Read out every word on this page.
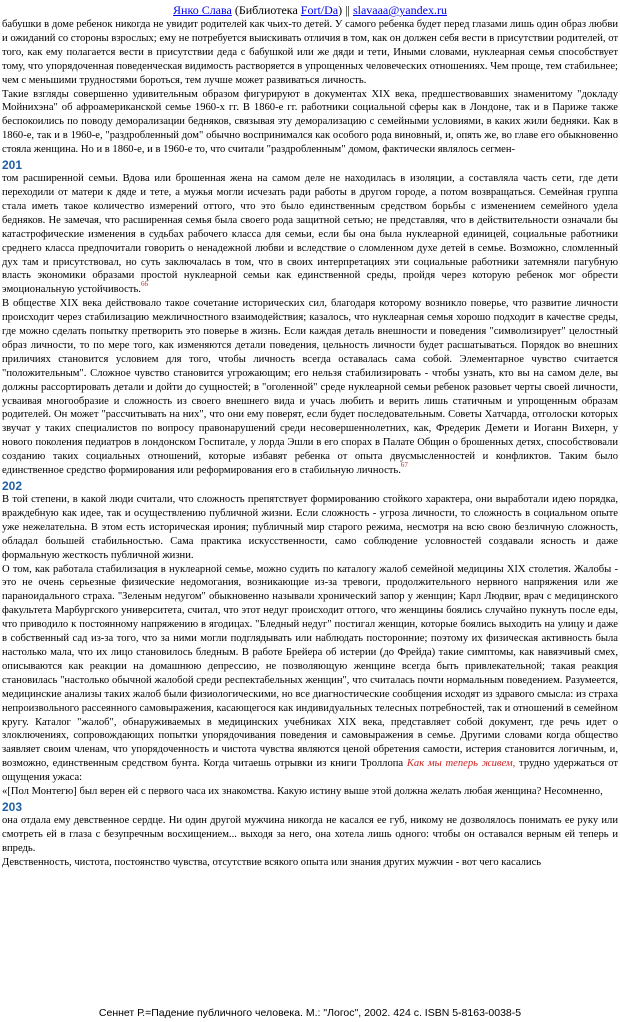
Янко Слава (Библиотека Fort/Da) || slavaaa@yandex.ru

бабушки в доме ребенок никогда не увидит родителей как чьих-то детей. У самого ребенка будет перед глазами лишь один образ любви и ожиданий со стороны взрослых; ему не потребуется выискивать отличия в том, как он должен себя вести в присутствии родителей, от того, как ему полагается вести в присутствии деда с бабушкой или же дяди и тети, Иными словами, нуклеарная семья способствует тому, что упорядоченная поведенческая видимость растворяется в упрощенных человеческих отношениях. Чем проще, тем стабильнее; чем с меньшими трудностями бороться, тем лучше может развиваться личность.

Такие взгляды совершенно удивительным образом фигурируют в документах XIX века, предшествовавших знаменитому "докладу Мойнихэна" об афроамериканской семье 1960-х гг. В 1860-е гг. работники социальной сферы как в Лондоне, так и в Париже также беспокоились по поводу деморализации бедняков, связывая эту деморализацию с семейными условиями, в каких жили бедняки. Как в 1860-е, так и в 1960-е, "раздробленный дом" обычно воспринимался как особого рода виновный, и, опять же, во главе его обыкновенно стояла женщина. Но и в 1860-е, и в 1960-е то, что считали "раздробленным" домом, фактически являлось сегмен-

201

том расширенной семьи. Вдова или брошенная жена на самом деле не находилась в изоляции, а составляла часть сети, где дети переходили от матери к дяде и тете, а мужья могли исчезать ради работы в другом городе, а потом возвращаться. Семейная группа стала иметь такое количество измерений оттого, что это было единственным средством борьбы с изменением семейного удела бедняков. Не замечая, что расширенная семья была своего рода защитной сетью; не представляя, что в действительности означали бы катастрофические изменения в судьбах рабочего класса для семьи, если бы она была нуклеарной единицей, социальные работники среднего класса предпочитали говорить о ненадежной любви и вследствие о сломленном духе детей в семье. Возможно, сломленный дух там и присутствовал, но суть заключалась в том, что в своих интерпретациях эти социальные работники затемняли пагубную власть экономики образами простой нуклеарной семьи как единственной среды, пройдя через которую ребенок мог обрести эмоциональную устойчивость.$^{66}$

В обществе XIX века действовало такое сочетание исторических сил, благодаря которому возникло поверье, что развитие личности происходит через стабилизацию межличностного взаимодействия; казалось, что нуклеарная семья хорошо подходит в качестве среды, где можно сделать попытку претворить это поверье в жизнь. Если каждая деталь внешности и поведения "символизирует" целостный образ личности, то по мере того, как изменяются детали поведения, цельность личности будет расшатываться. Порядок во внешних приличиях становится условием для того, чтобы личность всегда оставалась сама собой. Элементарное чувство считается "положительным". Сложное чувство становится угрожающим; его нельзя стабилизировать - чтобы узнать, кто вы на самом деле, вы должны рассортировать детали и дойти до сущностей; в "оголенной" среде нуклеарной семьи ребенок разовьет черты своей личности, усваивая многообразие и сложность из своего внешнего вида и учась любить и верить лишь статичным и упрощенным образам родителей. Он может "рассчитывать на них", что они ему поверят, если будет последовательным. Советы Хатчарда, отголоски которых звучат у таких специалистов по вопросу правонарушений среди несовершеннолетних, как, Фредерик Демети и Иоганн Вихерн, у нового поколения педиатров в лондонском Госпитале, у лорда Эшли в его спорах в Палате Общин о брошенных детях, способствовали созданию таких социальных отношений, которые избавят ребенка от опыта двусмысленностей и конфликтов. Таким было единственное средство формирования или реформирования его в стабильную личность.$^{67}$

202

В той степени, в какой люди считали, что сложность препятствует формированию стойкого характера, они выработали идею порядка, враждебную как идее, так и осуществлению публичной жизни. Если сложность - угроза личности, то сложность в социальном опыте уже нежелательна. В этом есть историческая ирония; публичный мир старого режима, несмотря на всю свою безличную сложность, обладал большей стабильностью. Сама практика искусственности, само соблюдение условностей создавали ясность и даже формальную жесткость публичной жизни.

О том, как работала стабилизация в нуклеарной семье, можно судить по каталогу жалоб семейной медицины XIX столетия. Жалобы - это не очень серьезные физические недомогания, возникающие из-за тревоги, продолжительного нервного напряжения или же параноидального страха. "Зеленым недугом" обыкновенно называли хронический запор у женщин; Карл Людвиг, врач с медицинского факультета Марбургского университета, считал, что этот недуг происходит оттого, что женщины боялись случайно пукнуть после еды, что приводило к постоянному напряжению в ягодицах. "Бледный недуг" постигал женщин, которые боялись выходить на улицу и даже в собственный сад из-за того, что за ними могли подглядывать или наблюдать посторонние; поэтому их физическая активность была настолько мала, что их лицо становилось бледным. В работе Брейера об истерии (до Фрейда) такие симптомы, как навязчивый смех, описываются как реакции на домашнюю депрессию, не позволяющую женщине всегда быть привлекательной; такая реакция становилась "настолько обычной жалобой среди респектабельных женщин", что считалась почти нормальным поведением. Разумеется, медицинские анализы таких жалоб были физиологическими, но все диагностические сообщения исходят из здравого смысла: из страха непроизвольного рассеянного самовыражения, касающегося как индивидуальных телесных потребностей, так и отношений в семейном кругу. Каталог "жалоб", обнаруживаемых в медицинских учебниках XIX века, представляет собой документ, где речь идет о злоключениях, сопровождающих попытки упорядочивания поведения и самовыражения в семье. Другими словами когда общество заявляет своим членам, что упорядоченность и чистота чувства являются ценой обретения самости, истерия становится логичным, и, возможно, единственным средством бунта. Когда читаешь отрывки из книги Троллопа Как мы теперь живем, трудно удержаться от ощущения ужаса:

«[Пол Монтегю] был верен ей с первого часа их знакомства. Какую истину выше этой должна желать любая женщина? Несомненно,

203

она отдала ему девственное сердце. Ни один другой мужчина никогда не касался ее губ, никому не дозволялось понимать ее руку или смотреть ей в глаза с безупречным восхищением... выходя за него, она хотела лишь одного: чтобы он оставался верным ей теперь и впредь.

Девственность, чистота, постоянство чувства, отсутствие всякого опыта или знания других мужчин - вот чего касались

Сеннет Р.=Падение публичного человека. М.: "Логос", 2002. 424 с. ISBN 5-8163-0038-5
